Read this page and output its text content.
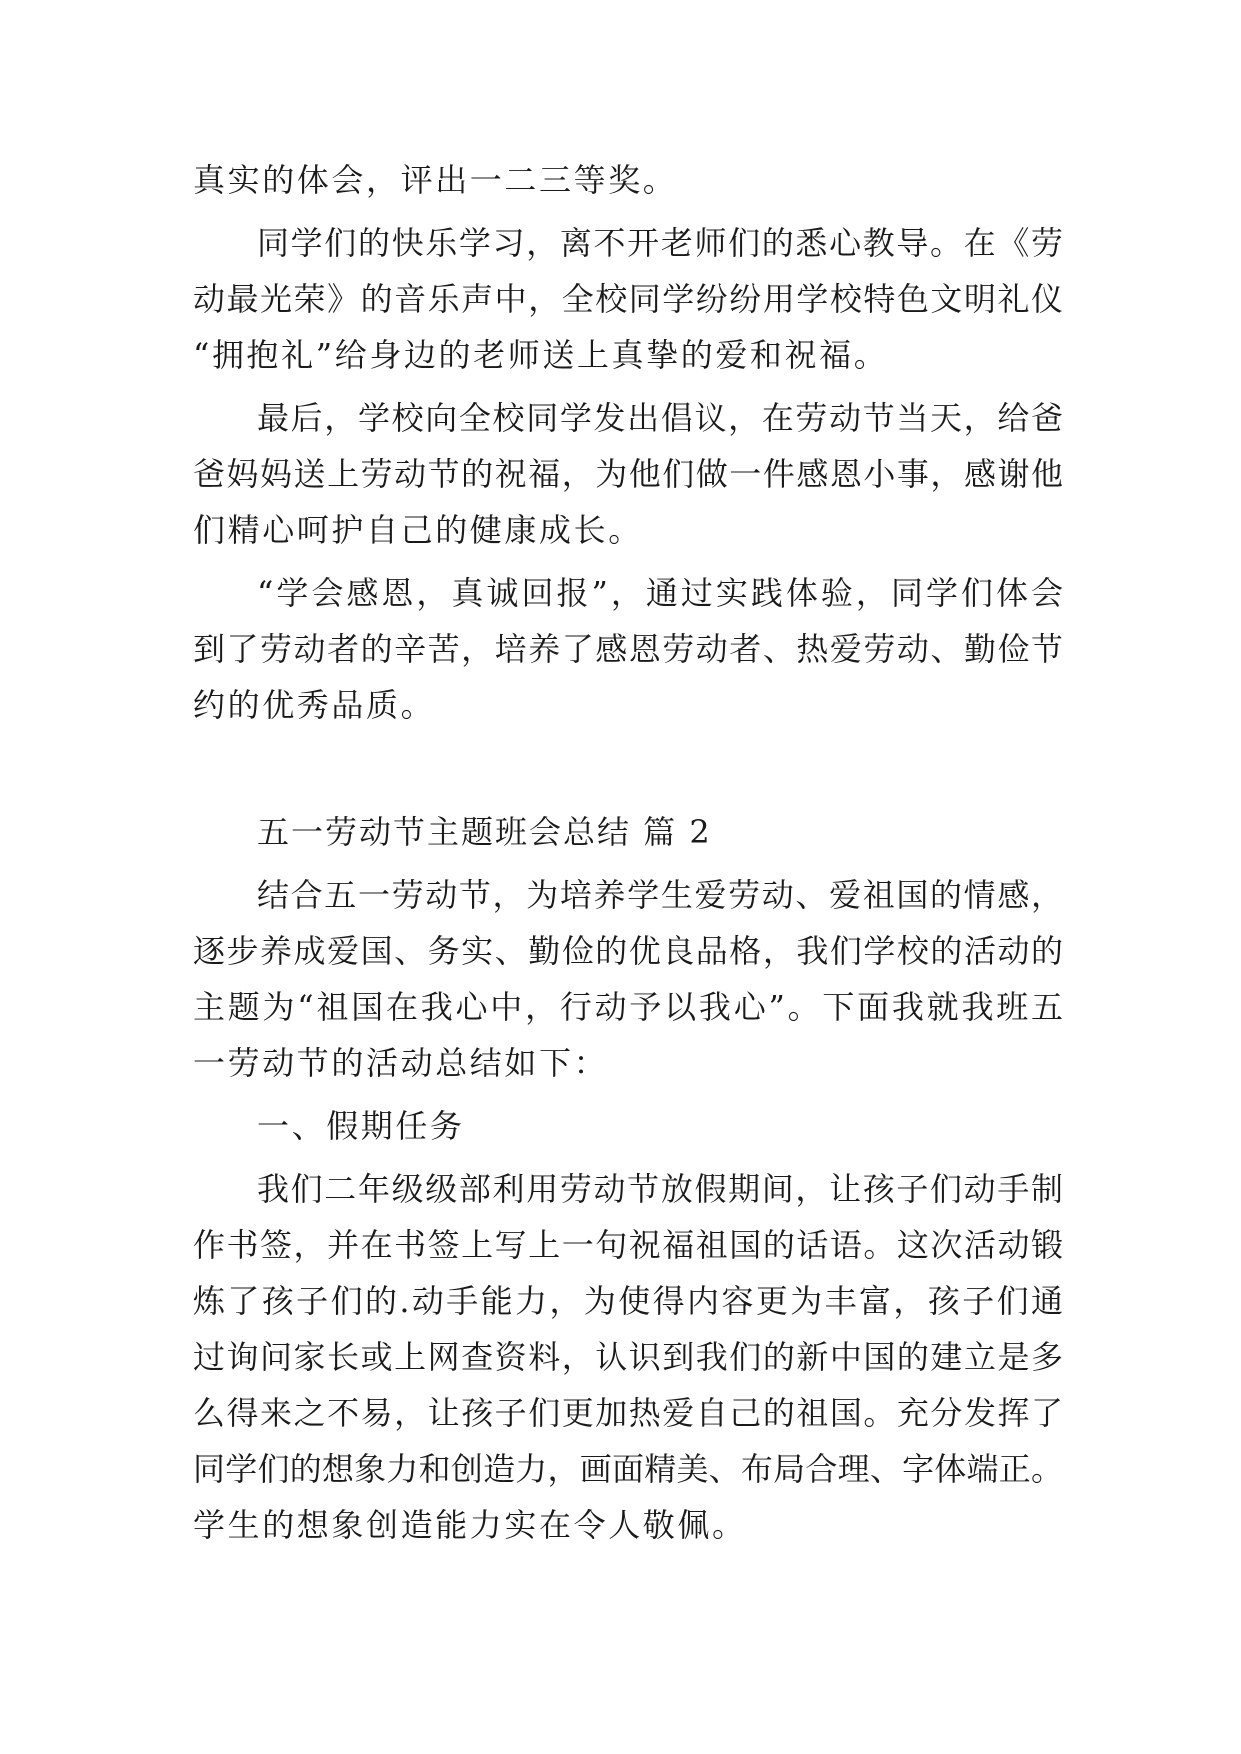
真实的体会，评出一二三等奖。
同学们的快乐学习，离不开老师们的悉心教导。在《劳
动最光荣》的音乐声中，全校同学纷纷用学校特色文明礼仪
“拥抱礼”给身边的老师送上真挚的爱和祝福。
最后，学校向全校同学发出倡议，在劳动节当天，给爸
爸妈妈送上劳动节的祝福，为他们做一件感恩小事，感谢他
们精心呵护自己的健康成长。
“学会感恩，真诚回报”，通过实践体验，同学们体会
到了劳动者的辛苦，培养了感恩劳动者、热爱劳动、勤俭节
约的优秀品质。
五一劳动节主题班会总结 篇 2
结合五一劳动节，为培养学生爱劳动、爱祖国的情感，
逐步养成爱国、务实、勤俭的优良品格，我们学校的活动的
主题为“祖国在我心中，行动予以我心”。下面我就我班五
一劳动节的活动总结如下：
一、假期任务
我们二年级级部利用劳动节放假期间，让孩子们动手制
作书签，并在书签上写上一句祝福祖国的话语。这次活动锻
炼了孩子们的.动手能力，为使得内容更为丰富，孩子们通
过询问家长或上网查资料，认识到我们的新中国的建立是多
么得来之不易，让孩子们更加热爱自己的祖国。充分发挥了
同学们的想象力和创造力，画面精美、布局合理、字体端正。
学生的想象创造能力实在令人敬佩。
